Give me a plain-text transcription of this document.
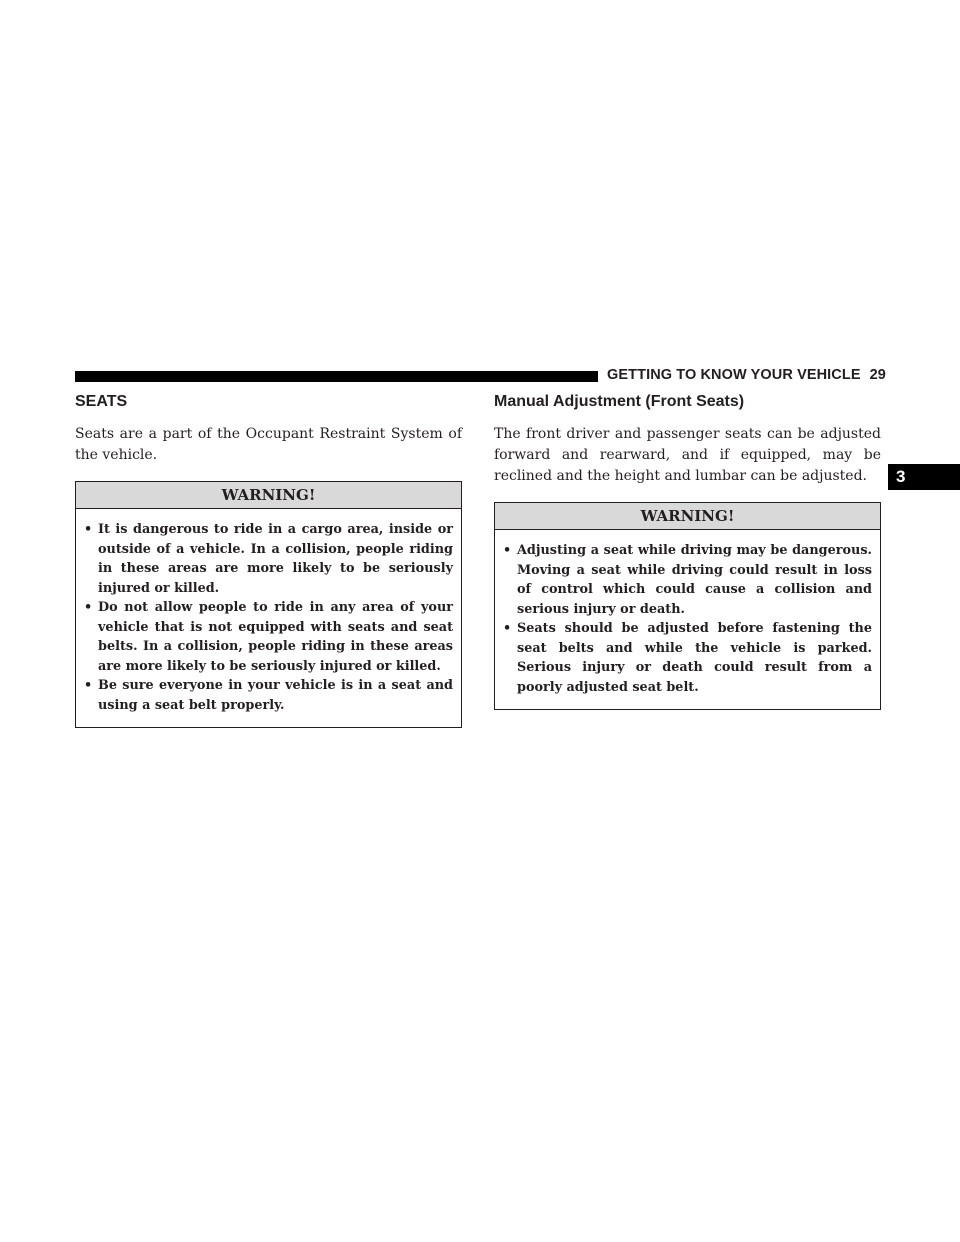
GETTING TO KNOW YOUR VEHICLE 29
3
SEATS

Seats are a part of the Occupant Restraint System of the vehicle.

WARNING!
• It is dangerous to ride in a cargo area, inside or outside of a vehicle. In a collision, people riding in these areas are more likely to be seriously injured or killed.
• Do not allow people to ride in any area of your vehicle that is not equipped with seats and seat belts. In a collision, people riding in these areas are more likely to be seriously injured or killed.
• Be sure everyone in your vehicle is in a seat and using a seat belt properly.
Manual Adjustment (Front Seats)

The front driver and passenger seats can be adjusted forward and rearward, and if equipped, may be reclined and the height and lumbar can be adjusted.

WARNING!
• Adjusting a seat while driving may be dangerous. Moving a seat while driving could result in loss of control which could cause a collision and serious injury or death.
• Seats should be adjusted before fastening the seat belts and while the vehicle is parked. Serious injury or death could result from a poorly adjusted seat belt.
